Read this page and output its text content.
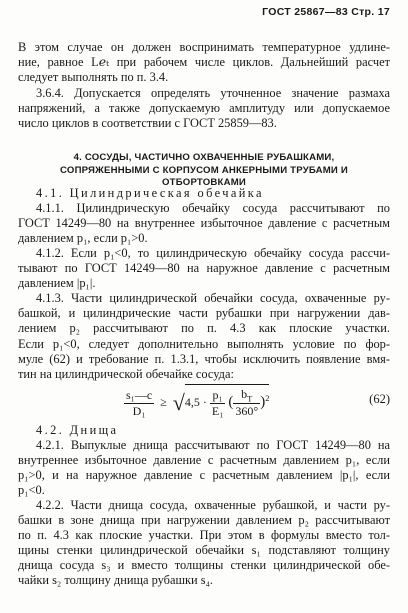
ГОСТ 25867—83 Стр. 17
В этом случае он должен воспринимать температурное удлине-
ние, равное L𝑒ₜ при рабочем числе циклов. Дальнейший расчет
следует выполнять по п. 3.4.
3.6.4. Допускается определять уточненное значение размаха
напряжений, а также допускаемую амплитуду или допускаемое
число циклов в соответствии с ГОСТ 25859—83.
4. СОСУДЫ, ЧАСТИЧНО ОХВАЧЕННЫЕ РУБАШКАМИ,
СОПРЯЖЕННЫМИ С КОРПУСОМ АНКЕРНЫМИ ТРУБАМИ И ОТБОРТОВКАМИ
4.1. Цилиндрическая обечайка
4.1.1. Цилиндрическую обечайку сосуда рассчитывают по
ГОСТ 14249—80 на внутреннее избыточное давление с расчетным
давлением p₁, если p₁>0.
4.1.2. Если p₁<0, то цилиндрическую обечайку сосуда рассчи-
тывают по ГОСТ 14249—80 на наружное давление с расчетным
давлением |p₁|.
4.1.3. Части цилиндрической обечайки сосуда, охваченные ру-
башкой, и цилиндрические части рубашки при нагружении дав-
лением p₂ рассчитывают по п. 4.3 как плоские участки.
Если p₁<0, следует дополнительно выполнять условие по фор-
муле (62) и требование п. 1.3.1, чтобы исключить появление вмя-
тин на цилиндрической обечайке сосуда:
$\frac{\text{s₁—c}}{\text{D₁}} \ge √4,5 \cdot \frac{\text{p₁}}{\text{E₁}}$ ( $\frac{b_T}{360^\circ} )^2$	(62)
4.2. Днища
4.2.1. Выпуклые днища рассчитывают по ГОСТ 14249—80 на
внутреннее избыточное давление с расчетным давлением p₁, если
p₁>0, и на наружное давление с расчетным давлением |p₁|, если
p₁<0.
4.2.2. Части днища сосуда, охваченные рубашкой, и части ру-
башки в зоне днища при нагружении давлением p₂ рассчитывают
по п. 4.3 как плоские участки. При этом в формулы вместо тол-
щины стенки цилиндрической обечайки s₁ подставляют толщину
днища сосуда s₃ и вместо толщины стенки цилиндрической обе-
чайки s₂ толщину днища рубашки s₄.
